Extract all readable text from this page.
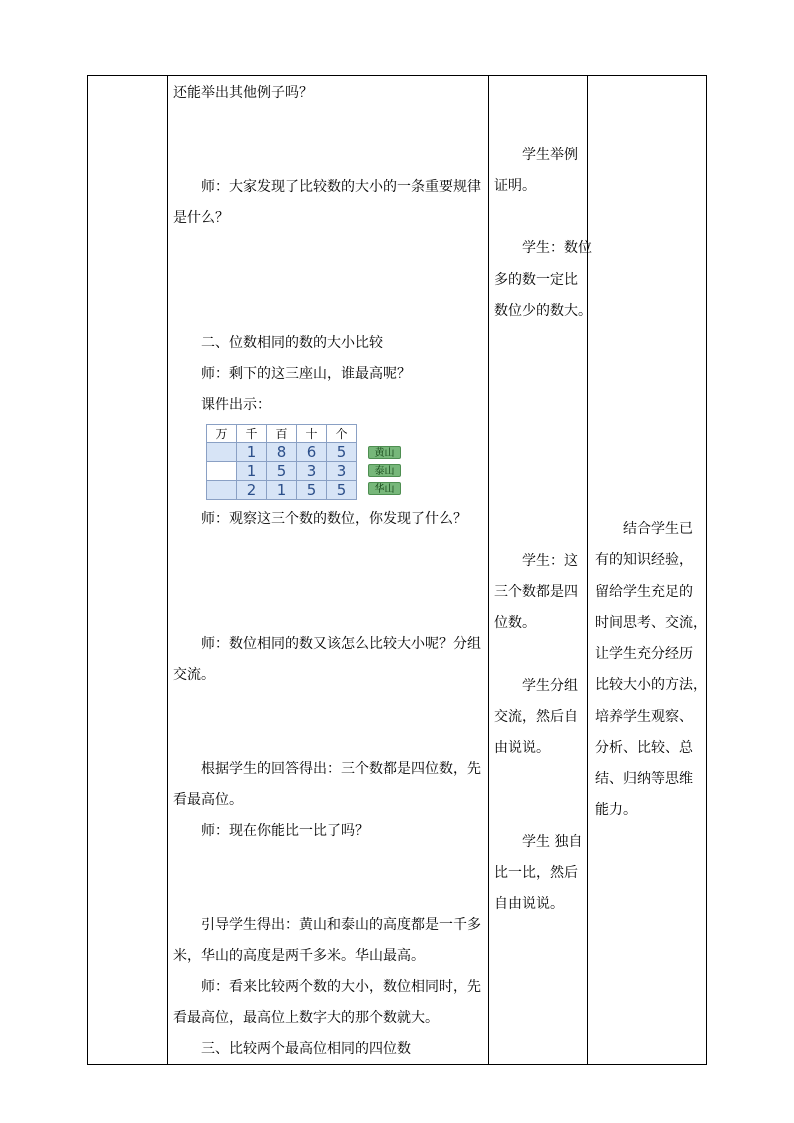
还能举出其他例子吗？
师：大家发现了比较数的大小的一条重要规律
是什么？
二、位数相同的数的大小比较
师：剩下的这三座山，谁最高呢？
课件出示：
万	千	百	十	个
	1	8	6	5
	1	5	3	3
	2	1	5	5
黄山
泰山
华山
师：观察这三个数的数位，你发现了什么？
师：数位相同的数又该怎么比较大小呢？分组
交流。
根据学生的回答得出：三个数都是四位数，先
看最高位。
师：现在你能比一比了吗？
引导学生得出：黄山和泰山的高度都是一千多
米，华山的高度是两千多米。华山最高。
师：看来比较两个数的大小，数位相同时，先
看最高位，最高位上数字大的那个数就大。
三、比较两个最高位相同的四位数
学生举例
证明。
学生：数位
多的数一定比
数位少的数大。
学生：这
三个数都是四
位数。
学生分组
交流，然后自
由说说。
学生 独自
比一比，然后
自由说说。
结合学生已
有的知识经验，
留给学生充足的
时间思考、交流，
让学生充分经历
比较大小的方法，
培养学生观察、
分析、比较、总
结、归纳等思维
能力。
